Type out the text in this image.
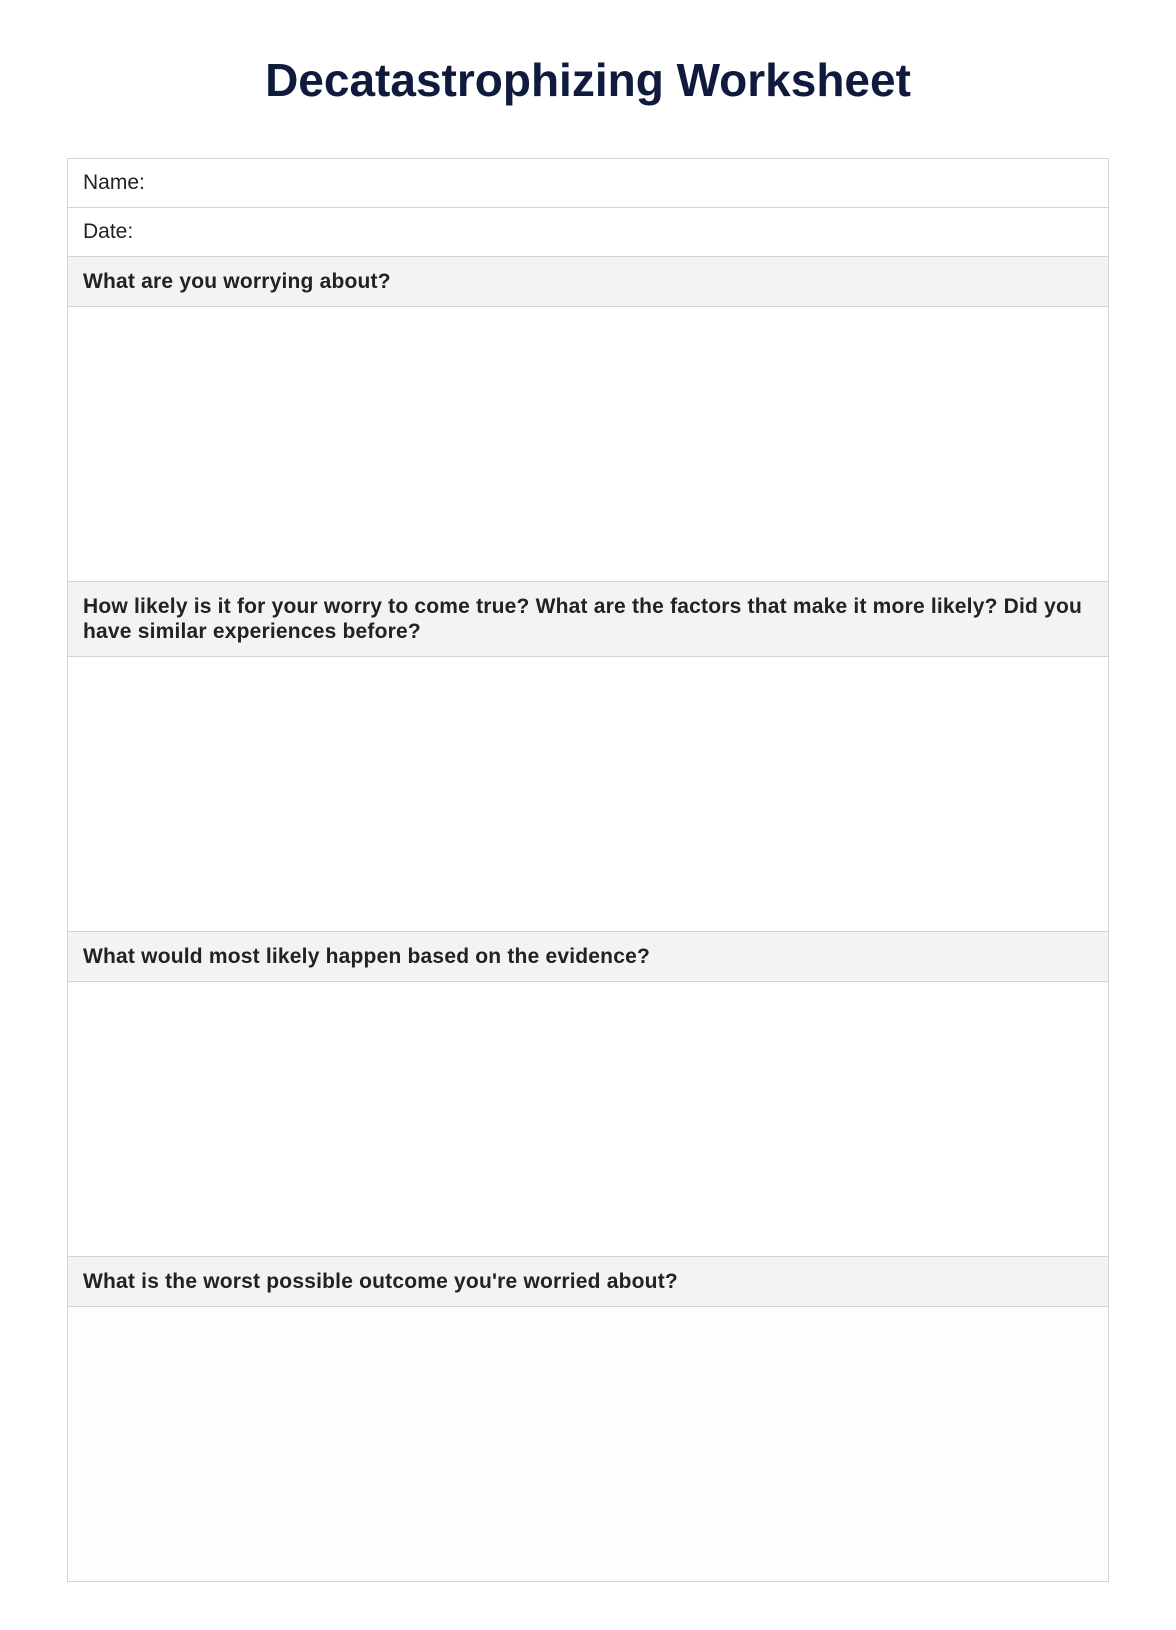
Decatastrophizing Worksheet
Name:
Date:
What are you worrying about?
How likely is it for your worry to come true? What are the factors that make it more likely? Did you have similar experiences before?
What would most likely happen based on the evidence?
What is the worst possible outcome you're worried about?
